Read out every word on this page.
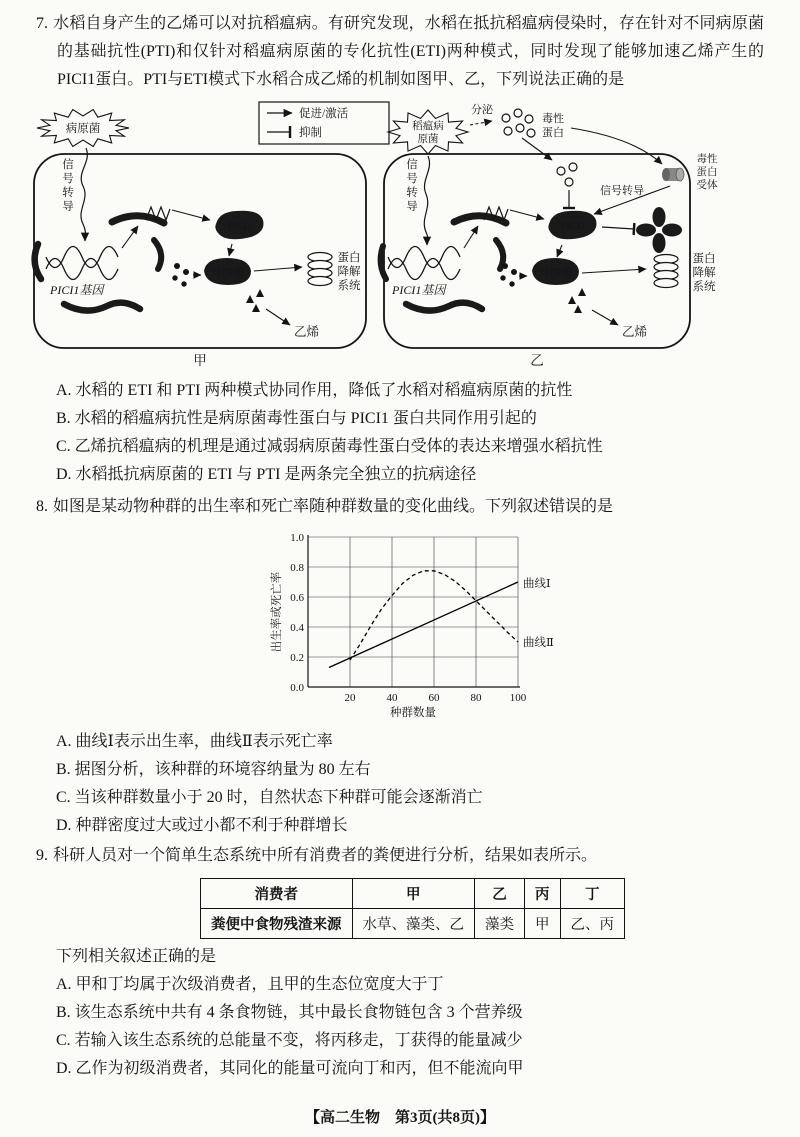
7. 水稻自身产生的乙烯可以对抗稻瘟病。有研究发现，水稻在抵抗稻瘟病侵染时，存在针对不同病原菌的基础抗性(PTI)和仅针对稻瘟病原菌的专化抗性(ETI)两种模式，同时发现了能够加速乙烯产生的PICI1蛋白。PTI与ETI模式下水稻合成乙烯的机制如图甲、乙，下列说法正确的是

促进/激活
抑制
病原菌
信
号
转
导
PICI1基因
PICI1
MTR酶
蛋白
降解
系统
乙烯
甲
稻瘟病
原菌
分泌
毒性
蛋白
毒性
蛋白
受体
信号转导
信
号
转
导
PICI1基因
PICI1
MTR酶
蛋白
降解
系统
乙烯
乙
A. 水稻的 ETI 和 PTI 两种模式协同作用，降低了水稻对稻瘟病原菌的抗性
B. 水稻的稻瘟病抗性是病原菌毒性蛋白与 PICI1 蛋白共同作用引起的
C. 乙烯抗稻瘟病的机理是通过减弱病原菌毒性蛋白受体的表达来增强水稻抗性
D. 水稻抵抗病原菌的 ETI 与 PTI 是两条完全独立的抗病途径

8. 如图是某动物种群的出生率和死亡率随种群数量的变化曲线。下列叙述错误的是

1.0
0.8
0.6
0.4
0.2
0.0
20	40	60	80	100
种群数量
出生率或死亡率	曲线Ⅰ
曲线Ⅱ
A. 曲线Ⅰ表示出生率，曲线Ⅱ表示死亡率
B. 据图分析，该种群的环境容纳量为 80 左右
C. 当该种群数量小于 20 时，自然状态下种群可能会逐渐消亡
D. 种群密度过大或过小都不利于种群增长

9. 科研人员对一个简单生态系统中所有消费者的粪便进行分析，结果如表所示。

消费者	甲	乙	丙	丁
粪便中食物残渣来源	水草、藻类、乙	藻类	甲	乙、丙

下列相关叙述正确的是

A. 甲和丁均属于次级消费者，且甲的生态位宽度大于丁
B. 该生态系统中共有 4 条食物链，其中最长食物链包含 3 个营养级
C. 若输入该生态系统的总能量不变，将丙移走，丁获得的能量减少
D. 乙作为初级消费者，其同化的能量可流向丁和丙，但不能流向甲
【高二生物　第3页(共8页)】
